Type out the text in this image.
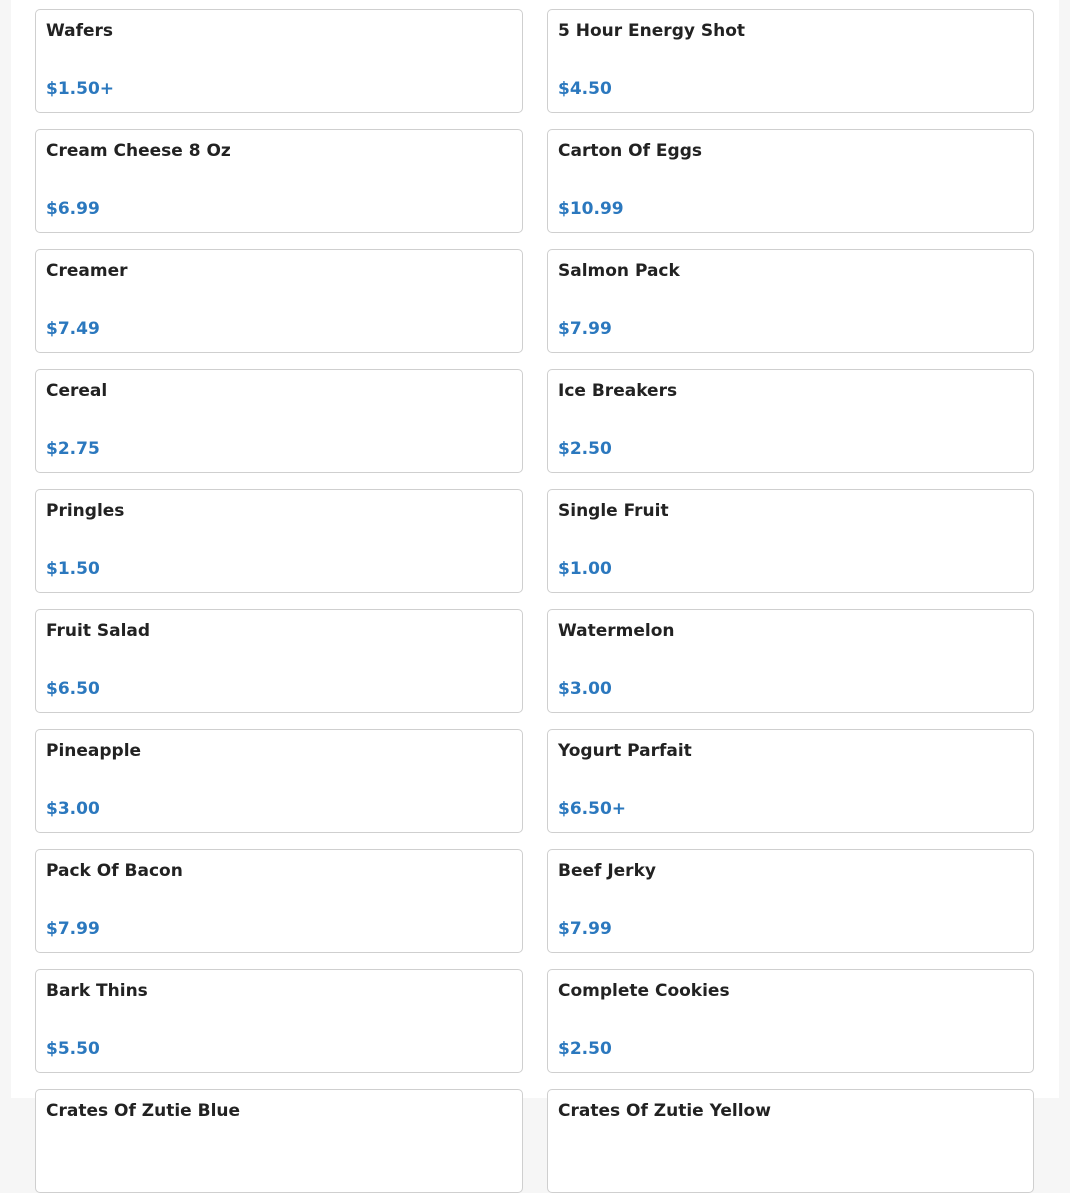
Wafers
$1.50+
5 Hour Energy Shot
$4.50
Cream Cheese 8 Oz
$6.99
Carton Of Eggs
$10.99
Creamer
$7.49
Salmon Pack
$7.99
Cereal
$2.75
Ice Breakers
$2.50
Pringles
$1.50
Single Fruit
$1.00
Fruit Salad
$6.50
Watermelon
$3.00
Pineapple
$3.00
Yogurt Parfait
$6.50+
Pack Of Bacon
$7.99
Beef Jerky
$7.99
Bark Thins
$5.50
Complete Cookies
$2.50
Crates Of Zutie Blue	Crates Of Zutie Yellow
